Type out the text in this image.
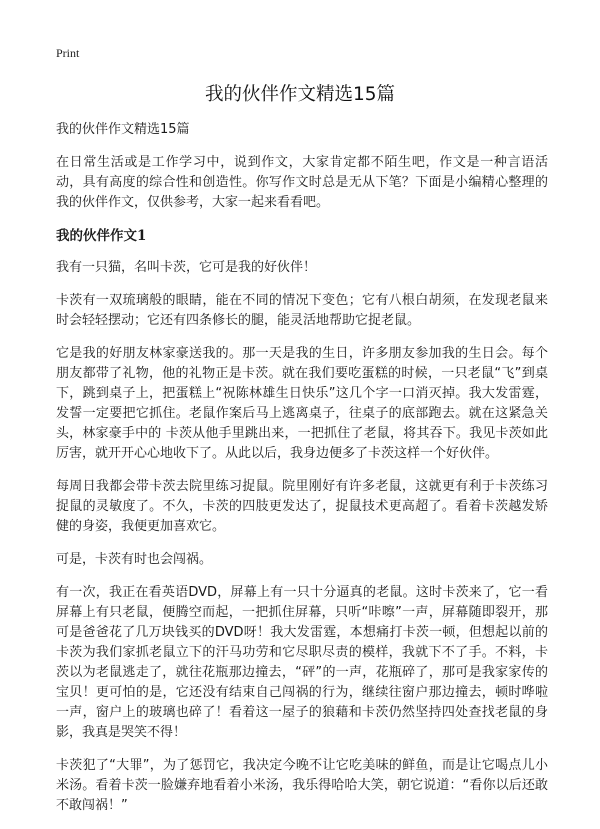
Print
我的伙伴作文精选15篇

我的伙伴作文精选15篇

在日常生活或是工作学习中，说到作文，大家肯定都不陌生吧，作文是一种言语活动，具有高度的综合性和创造性。你写作文时总是无从下笔？下面是小编精心整理的我的伙伴作文，仅供参考，大家一起来看看吧。

我的伙伴作文1

我有一只猫，名叫卡茨，它可是我的好伙伴！

卡茨有一双琉璃般的眼睛，能在不同的情况下变色；它有八根白胡须，在发现老鼠来时会轻轻摆动；它还有四条修长的腿，能灵活地帮助它捉老鼠。

它是我的好朋友林家豪送我的。那一天是我的生日，许多朋友参加我的生日会。每个朋友都带了礼物，他的礼物正是卡茨。就在我们要吃蛋糕的时候，一只老鼠“飞”到桌下，跳到桌子上，把蛋糕上“祝陈林雄生日快乐”这几个字一口消灭掉。我大发雷霆，发誓一定要把它抓住。老鼠作案后马上逃离桌子，往桌子的底部跑去。就在这紧急关头，林家豪手中的 卡茨从他手里跳出来，一把抓住了老鼠，将其吞下。我见卡茨如此厉害，就开开心心地收下了。从此以后，我身边便多了卡茨这样一个好伙伴。

每周日我都会带卡茨去院里练习捉鼠。院里刚好有许多老鼠，这就更有利于卡茨练习捉鼠的灵敏度了。不久，卡茨的四肢更发达了，捉鼠技术更高超了。看着卡茨越发矫健的身姿，我便更加喜欢它。

可是，卡茨有时也会闯祸。

有一次，我正在看英语DVD，屏幕上有一只十分逼真的老鼠。这时卡茨来了，它一看屏幕上有只老鼠，便腾空而起，一把抓住屏幕，只听“咔嚓”一声，屏幕随即裂开，那可是爸爸花了几万块钱买的DVD呀！我大发雷霆，本想痛打卡茨一顿，但想起以前的卡茨为我们家抓老鼠立下的汗马功劳和它尽职尽责的模样，我就下不了手。不料，卡茨以为老鼠逃走了，就往花瓶那边撞去，“砰”的一声，花瓶碎了，那可是我家家传的宝贝！更可怕的是，它还没有结束自己闯祸的行为，继续往窗户那边撞去，顿时哗啦一声，窗户上的玻璃也碎了！看着这一屋子的狼藉和卡茨仍然坚持四处查找老鼠的身影，我真是哭笑不得！

卡茨犯了“大罪”，为了惩罚它，我决定今晚不让它吃美味的鲜鱼，而是让它喝点儿小米汤。看着卡茨一脸嫌弃地看着小米汤，我乐得哈哈大笑，朝它说道：“看你以后还敢不敢闯祸！”
